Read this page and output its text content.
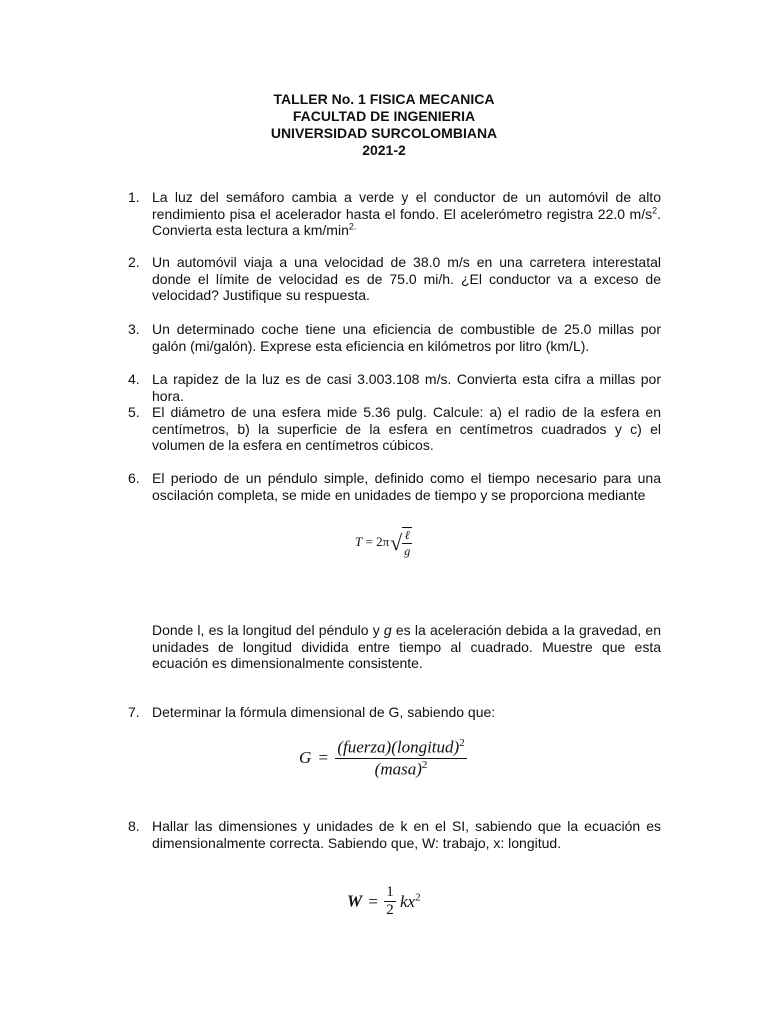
TALLER No. 1 FISICA MECANICA
FACULTAD DE INGENIERIA
UNIVERSIDAD SURCOLOMBIANA
2021-2
1. La luz del semáforo cambia a verde y el conductor de un automóvil de alto rendimiento pisa el acelerador hasta el fondo. El acelerómetro registra 22.0 $m/s^2$. Convierta esta lectura a $km/\min^{2.}$
2. Un automóvil viaja a una velocidad de 38.0 m/s en una carretera interestatal donde el límite de velocidad es de 75.0 mi/h. ¿El conductor va a exceso de velocidad? Justifique su respuesta.
3. Un determinado coche tiene una eficiencia de combustible de 25.0 millas por galón (mi/galón). Exprese esta eficiencia en kilómetros por litro (km/L).
4. La rapidez de la luz es de casi 3.003.108 m/s. Convierta esta cifra a millas por hora.
5. El diámetro de una esfera mide 5.36 pulg. Calcule: a) el radio de la esfera en centímetros, b) la superficie de la esfera en centímetros cuadrados y c) el volumen de la esfera en centímetros cúbicos.
6. El periodo de un péndulo simple, definido como el tiempo necesario para una oscilación completa, se mide en unidades de tiempo y se proporciona mediante
$T = 2\pi√ \frac{\text{ℓ}}{g}$
Donde l, es la longitud del péndulo y g es la aceleración debida a la gravedad, en unidades de longitud dividida entre tiempo al cuadrado. Muestre que esta ecuación es dimensionalmente consistente.
7. Determinar la fórmula dimensional de G, sabiendo que:
$G = \frac{(fuerza)(longitud)^2}{(masa)^2}$
8. Hallar las dimensiones y unidades de k en el SI, sabiendo que la ecuación es dimensionalmente correcta. Sabiendo que, W: trabajo, x: longitud.
$W = \frac{1}{2} kx^2$
